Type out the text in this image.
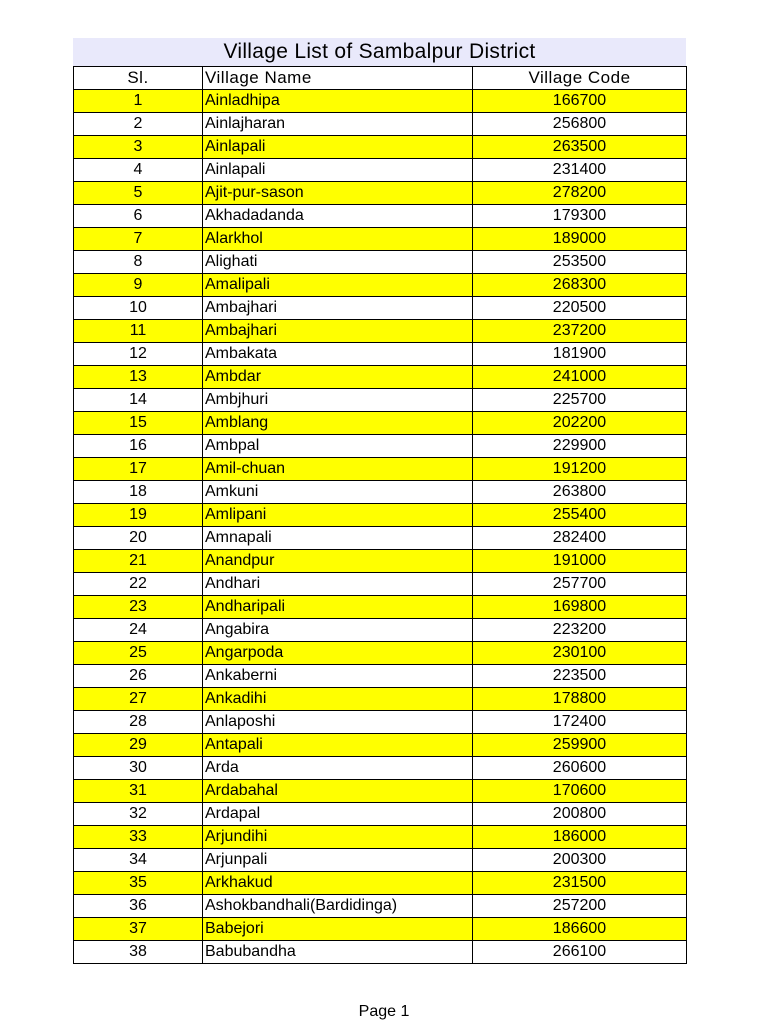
Village List of Sambalpur District
Sl.	Village Name	Village Code
1	Ainladhipa	166700
2	Ainlajharan	256800
3	Ainlapali	263500
4	Ainlapali	231400
5	Ajit-pur-sason	278200
6	Akhadadanda	179300
7	Alarkhol	189000
8	Alighati	253500
9	Amalipali	268300
10	Ambajhari	220500
11	Ambajhari	237200
12	Ambakata	181900
13	Ambdar	241000
14	Ambjhuri	225700
15	Amblang	202200
16	Ambpal	229900
17	Amil-chuan	191200
18	Amkuni	263800
19	Amlipani	255400
20	Amnapali	282400
21	Anandpur	191000
22	Andhari	257700
23	Andharipali	169800
24	Angabira	223200
25	Angarpoda	230100
26	Ankaberni	223500
27	Ankadihi	178800
28	Anlaposhi	172400
29	Antapali	259900
30	Arda	260600
31	Ardabahal	170600
32	Ardapal	200800
33	Arjundihi	186000
34	Arjunpali	200300
35	Arkhakud	231500
36	Ashokbandhali(Bardidinga)	257200
37	Babejori	186600
38	Babubandha	266100
Page 1
